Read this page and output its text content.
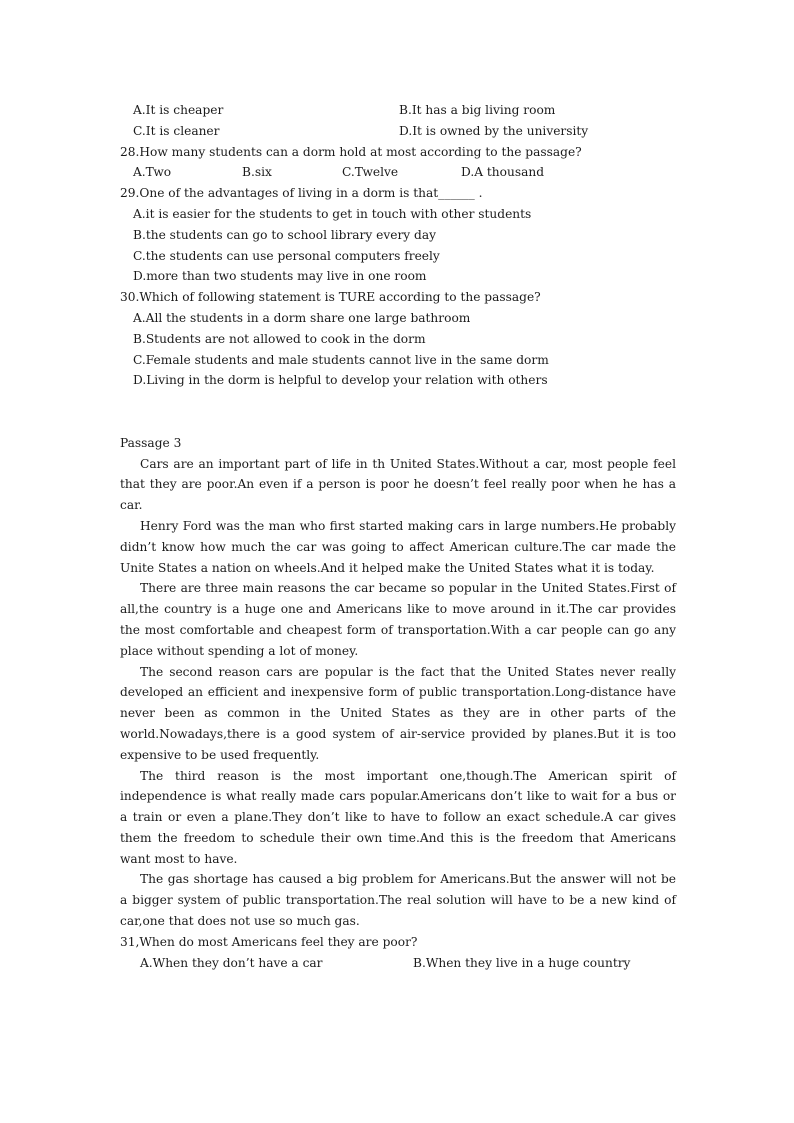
A.It is cheaper	B.It has a big living room
C.It is cleaner	D.It is owned by the university
28.How many students can a dorm hold at most according to the passage?
A.Two	B.six	C.Twelve	D.A thousand
29.One of the advantages of living in a dorm is that______ .
A.it is easier for the students to get in touch with other students
B.the students can go to school library every day
C.the students can use personal computers freely
D.more than two students may live in one room
30.Which of following statement is TURE according to the passage?
A.All the students in a dorm share one large bathroom
B.Students are not allowed to cook in the dorm
C.Female students and male students cannot live in the same dorm
D.Living in the dorm is helpful to develop your relation with others
Passage 3

Cars are an important part of life in th United States.Without a car, most people feel that they are poor.An even if a person is poor he doesn’t feel really poor when he has a car.

Henry Ford was the man who first started making cars in large numbers.He probably didn’t know how much the car was going to affect American culture.The car made the Unite States a nation on wheels.And it helped make the United States what it is today.

There are three main reasons the car became so popular in the United States.First of all,the country is a huge one and Americans like to move around in it.The car provides the most comfortable and cheapest form of transportation.With a car people can go any place without spending a lot of money.

The second reason cars are popular is the fact that the United States never really developed an efficient and inexpensive form of public transportation.Long-distance have never been as common in the United States as they are in other parts of the world.Nowadays,there is a good system of air-service provided by planes.But it is too expensive to be used frequently.

The third reason is the most important one,though.The American spirit of independence is what really made cars popular.Americans don’t like to wait for a bus or a train or even a plane.They don’t like to have to follow an exact schedule.A car gives them the freedom to schedule their own time.And this is the freedom that Americans want most to have.

The gas shortage has caused a big problem for Americans.But the answer will not be a bigger system of public transportation.The real solution will have to be a new kind of car,one that does not use so much gas.

31,When do most Americans feel they are poor?
A.When they don’t have a car	B.When they live in a huge country
